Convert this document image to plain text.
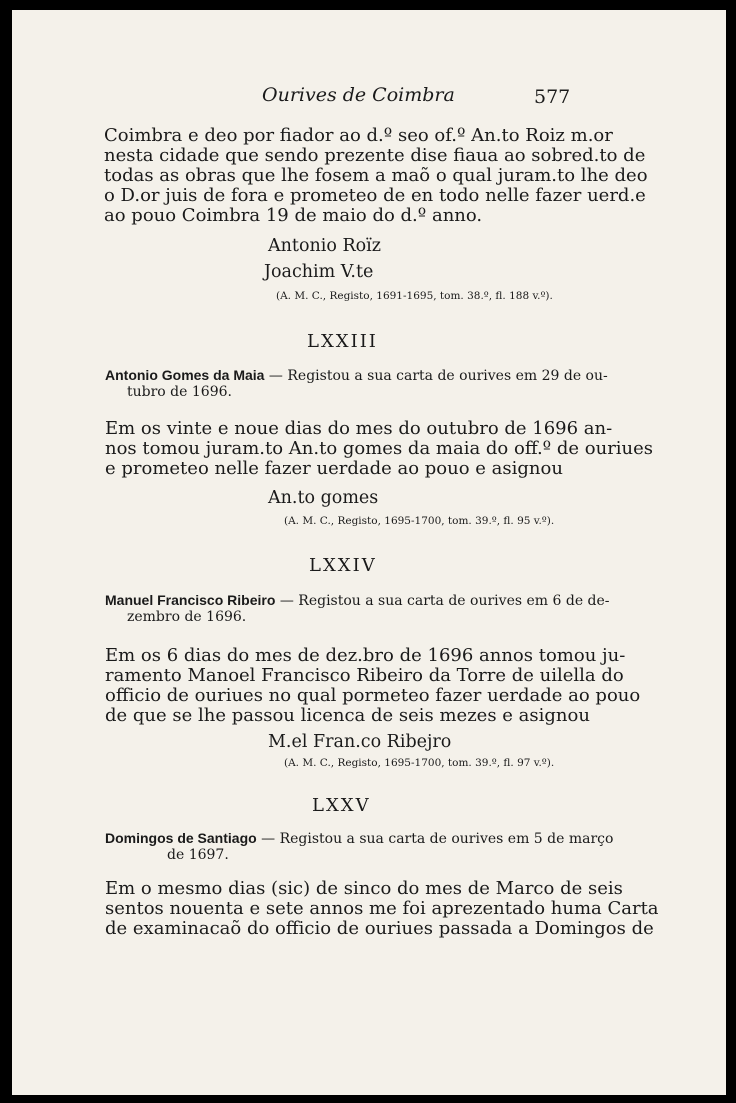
Ourives de Coimbra	577
Coimbra e deo por fiador ao d.º seo of.º An.to Roiz m.or
nesta cidade que sendo prezente dise fiaua ao sobred.to de
todas as obras que lhe fosem a maõ o qual juram.to lhe deo
o D.or juis de fora e prometeo de en todo nelle fazer uerd.e
ao pouo Coimbra 19 de maio do d.º anno.
Antonio Roïz
Joachim V.te
(A. M. C., Registo, 1691-1695, tom. 38.º, fl. 188 v.º).
LXXIII
Antonio Gomes da Maia — Registou a sua carta de ourives em 29 de ou-
tubro de 1696.
Em os vinte e noue dias do mes do outubro de 1696 an-
nos tomou juram.to An.to gomes da maia do off.º de ouriues
e prometeo nelle fazer uerdade ao pouo e asignou
An.to gomes
(A. M. C., Registo, 1695-1700, tom. 39.º, fl. 95 v.º).
LXXIV
Manuel Francisco Ribeiro — Registou a sua carta de ourives em 6 de de-
zembro de 1696.
Em os 6 dias do mes de dez.bro de 1696 annos tomou ju-
ramento Manoel Francisco Ribeiro da Torre de uilella do
officio de ouriues no qual pormeteo fazer uerdade ao pouo
de que se lhe passou licenca de seis mezes e asignou
M.el Fran.co Ribejro
(A. M. C., Registo, 1695-1700, tom. 39.º, fl. 97 v.º).
LXXV
Domingos de Santiago — Registou a sua carta de ourives em 5 de março
de 1697.
Em o mesmo dias (sic) de sinco do mes de Marco de seis
sentos nouenta e sete annos me foi aprezentado huma Carta
de examinacaõ do officio de ouriues passada a Domingos de
